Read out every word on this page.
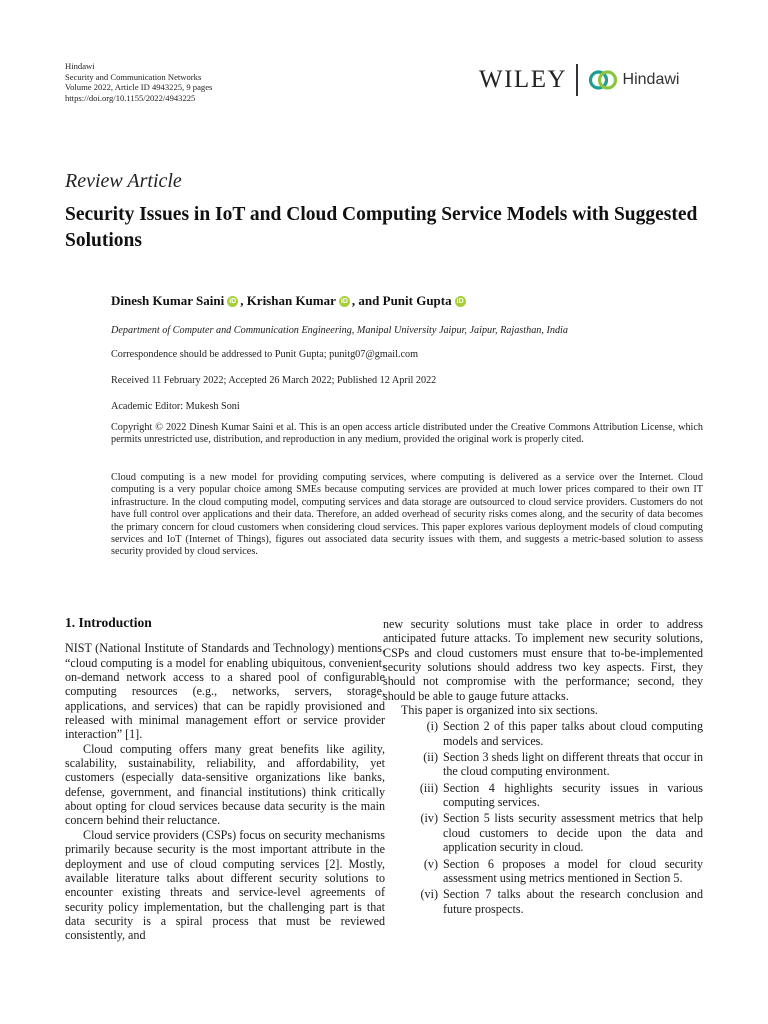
Hindawi
Security and Communication Networks
Volume 2022, Article ID 4943225, 9 pages
https://doi.org/10.1155/2022/4943225
WILEY	Hindawi
Review Article
Security Issues in IoT and Cloud Computing Service Models with Suggested Solutions
Dinesh Kumar Saini iD , Krishan Kumar iD , and Punit Gupta iD
Department of Computer and Communication Engineering, Manipal University Jaipur, Jaipur, Rajasthan, India
Correspondence should be addressed to Punit Gupta; punitg07@gmail.com
Received 11 February 2022; Accepted 26 March 2022; Published 12 April 2022
Academic Editor: Mukesh Soni
Copyright © 2022 Dinesh Kumar Saini et al. This is an open access article distributed under the Creative Commons Attribution License, which permits unrestricted use, distribution, and reproduction in any medium, provided the original work is properly cited.
Cloud computing is a new model for providing computing services, where computing is delivered as a service over the Internet. Cloud computing is a very popular choice among SMEs because computing services are provided at much lower prices compared to their own IT infrastructure. In the cloud computing model, computing services and data storage are outsourced to cloud service providers. Customers do not have full control over applications and their data. Therefore, an added overhead of security risks comes along, and the security of data becomes the primary concern for cloud customers when considering cloud services. This paper explores various deployment models of cloud computing services and IoT (Internet of Things), figures out associated data security issues with them, and suggests a metric-based solution to assess security provided by cloud services.
1. Introduction

NIST (National Institute of Standards and Technology) mentions, “cloud computing is a model for enabling ubiquitous, convenient, on-demand network access to a shared pool of configurable computing resources (e.g., networks, servers, storage, applications, and services) that can be rapidly provisioned and released with minimal management effort or service provider interaction” [1].

Cloud computing offers many great benefits like agility, scalability, sustainability, reliability, and affordability, yet customers (especially data-sensitive organizations like banks, defense, government, and financial institutions) think critically about opting for cloud services because data security is the main concern behind their reluctance.

Cloud service providers (CSPs) focus on security mechanisms primarily because security is the most important attribute in the deployment and use of cloud computing services [2]. Mostly, available literature talks about different security solutions to encounter existing threats and service-level agreements of security policy implementation, but the challenging part is that data security is a spiral process that must be reviewed consistently, and

new security solutions must take place in order to address anticipated future attacks. To implement new security solutions, CSPs and cloud customers must ensure that to-be-implemented security solutions should address two key aspects. First, they should not compromise with the performance; second, they should be able to gauge future attacks.

This paper is organized into six sections.

(i) Section 2 of this paper talks about cloud computing models and services.
(ii) Section 3 sheds light on different threats that occur in the cloud computing environment.
(iii) Section 4 highlights security issues in various computing services.
(iv) Section 5 lists security assessment metrics that help cloud customers to decide upon the data and application security in cloud.
(v) Section 6 proposes a model for cloud security assessment using metrics mentioned in Section 5.
(vi) Section 7 talks about the research conclusion and future prospects.
